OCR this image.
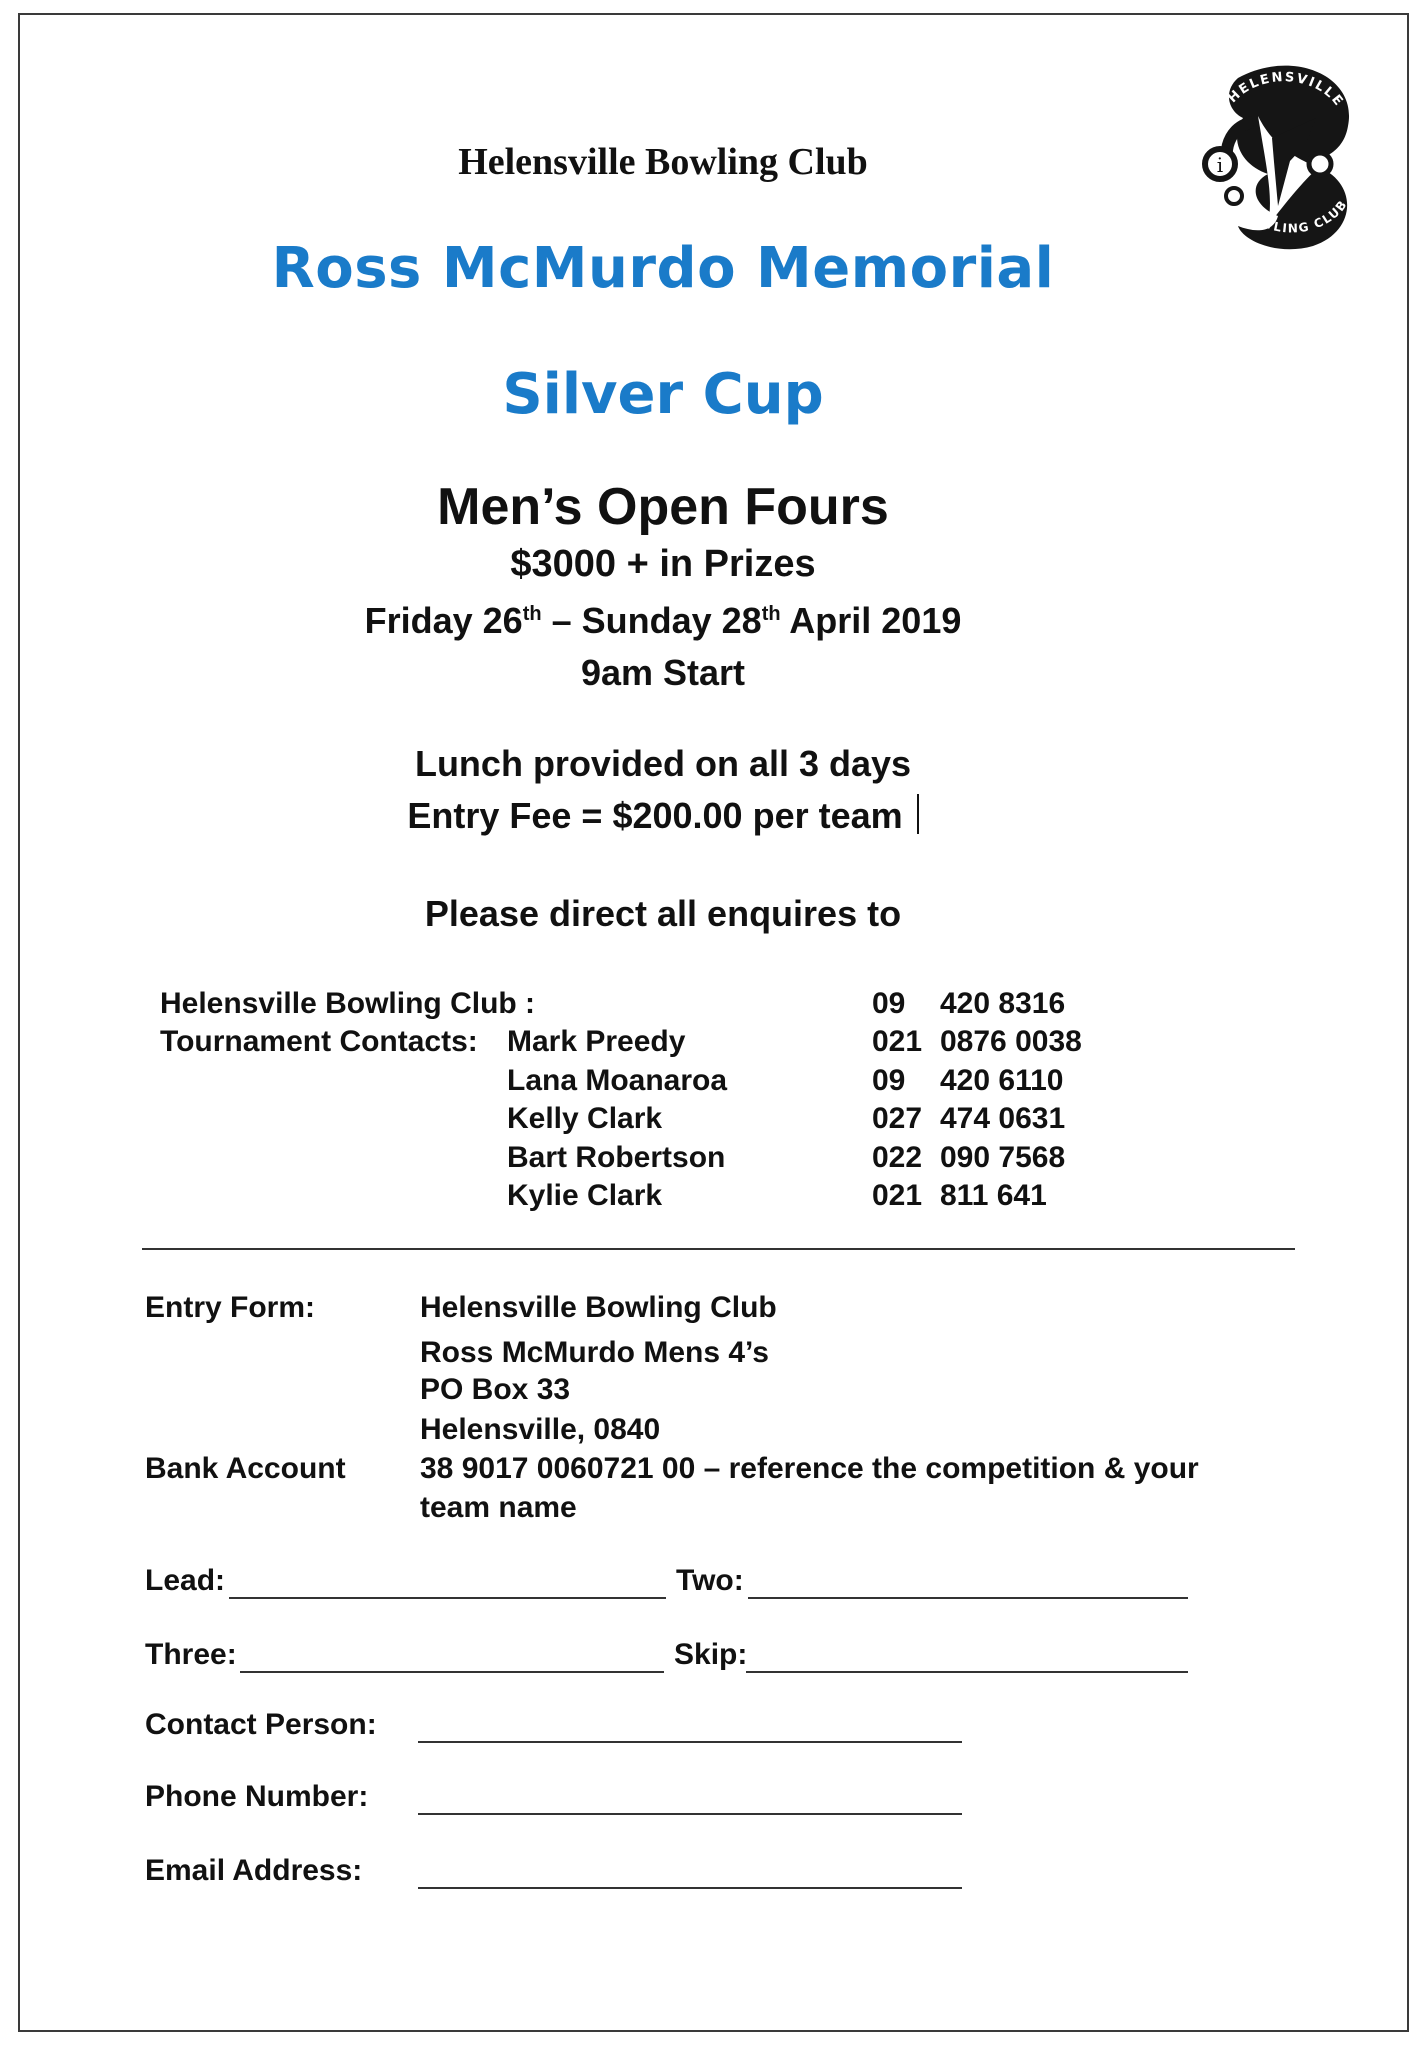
i
HELENSVILLE
BOWLING CLUB
Helensville Bowling Club
Ross McMurdo Memorial
Silver Cup
Men’s Open Fours
$3000 + in Prizes
Friday 26th – Sunday 28th April 2019
9am Start
Lunch provided on all 3 days
Entry Fee = $200.00 per team
Please direct all enquires to
Helensville Bowling Club :	09 420 8316
Tournament Contacts: Mark Preedy	021 0876 0038
Lana Moanaroa	09 420 6110
Kelly Clark	027 474 0631
Bart Robertson	022 090 7568
Kylie Clark	021 811 641
Entry Form:	Helensville Bowling Club
Ross McMurdo Mens 4’s
PO Box 33
Helensville, 0840
Bank Account 38 9017 0060721 00 – reference the competition & your
team name
Lead:	Two:
Three:	Skip:
Contact Person:
Phone Number:
Email Address:
